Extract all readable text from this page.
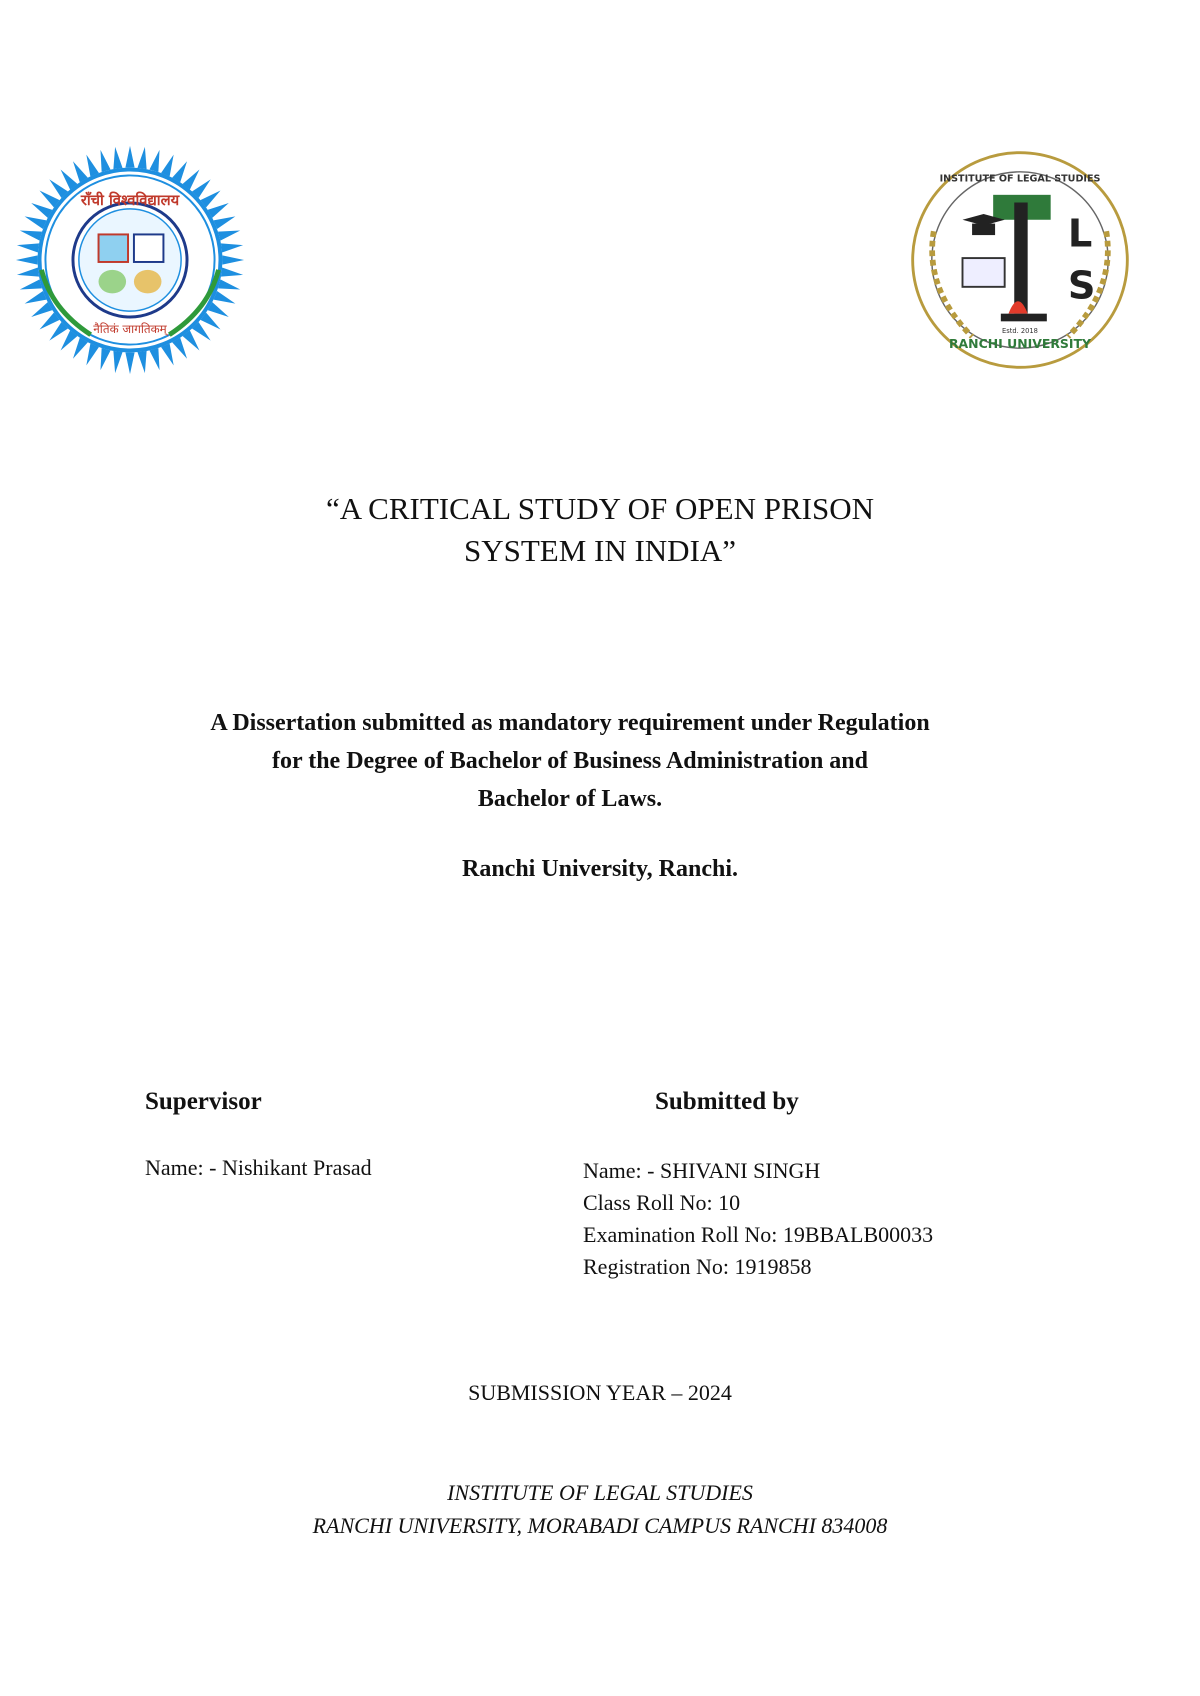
राँची विश्वविद्यालय
नैतिकं जागतिकम्
L
S
INSTITUTE OF LEGAL STUDIES
RANCHI UNIVERSITY
Estd. 2018
“A CRITICAL STUDY OF OPEN PRISON
SYSTEM IN INDIA”
A Dissertation submitted as mandatory requirement under Regulation
for the Degree of Bachelor of Business Administration and
Bachelor of Laws.
Ranchi University, Ranchi.
Supervisor	Submitted by
Name: - Nishikant Prasad	Name: - SHIVANI SINGH
Class Roll No: 10
Examination Roll No: 19BBALB00033
Registration No: 1919858
SUBMISSION YEAR – 2024
INSTITUTE OF LEGAL STUDIES
RANCHI UNIVERSITY, MORABADI CAMPUS RANCHI 834008
